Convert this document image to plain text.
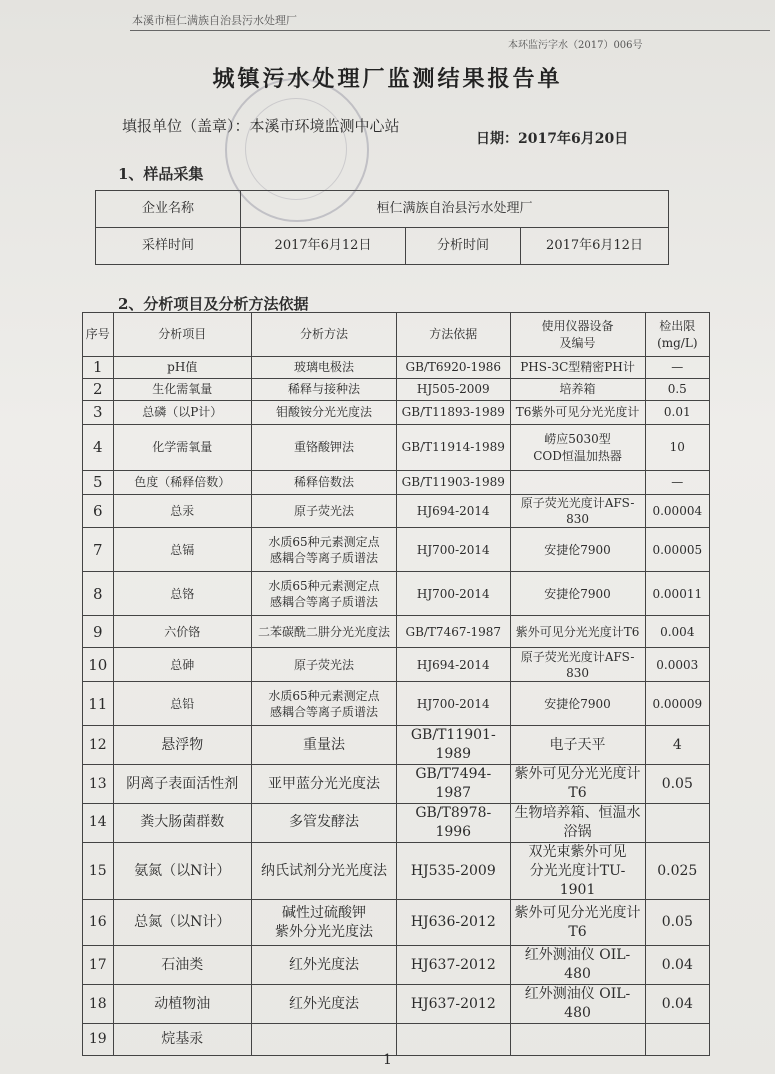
本溪市桓仁满族自治县污水处理厂
本环监污字水（2017）006号
城镇污水处理厂监测结果报告单
填报单位（盖章）：本溪市环境监测中心站
日期：2017年6月20日
1、样品采集
企业名称	桓仁满族自治县污水处理厂		
采样时间	2017年6月12日	分析时间	2017年6月12日
2、分析项目及分析方法依据
序号	分析项目	分析方法	方法依据	使用仪器设备
及编号	检出限
(mg/L)

1	pH值	玻璃电极法	GB/T6920-1986	PHS-3C型精密PH计	—
2	生化需氧量	稀释与接种法	HJ505-2009	培养箱	0.5
3	总磷（以P计）	钼酸铵分光光度法	GB/T11893-1989	T6紫外可见分光光度计	0.01
4	化学需氧量	重铬酸钾法	GB/T11914-1989	崂应5030型
COD恒温加热器	10
5	色度（稀释倍数）	稀释倍数法	GB/T11903-1989		—
6	总汞	原子荧光法	HJ694-2014	原子荧光光度计AFS-830	0.00004
7	总镉	水质65种元素测定点
感耦合等离子质谱法	HJ700-2014	安捷伦7900	0.00005
8	总铬	水质65种元素测定点
感耦合等离子质谱法	HJ700-2014	安捷伦7900	0.00011
9	六价铬	二苯碳酰二肼分光光度法	GB/T7467-1987	紫外可见分光光度计T6	0.004
10	总砷	原子荧光法	HJ694-2014	原子荧光光度计AFS-830	0.0003
11	总铅	水质65种元素测定点
感耦合等离子质谱法	HJ700-2014	安捷伦7900	0.00009
12	悬浮物	重量法	GB/T11901-1989	电子天平	4
13	阴离子表面活性剂	亚甲蓝分光光度法	GB/T7494-1987	紫外可见分光光度计T6	0.05
14	粪大肠菌群数	多管发酵法	GB/T8978-1996	生物培养箱、恒温水浴锅	
15	氨氮（以N计）	纳氏试剂分光光度法	HJ535-2009	双光束紫外可见
分光光度计TU-1901	0.025
16	总氮（以N计）	碱性过硫酸钾
紫外分光光度法	HJ636-2012	紫外可见分光光度计T6	0.05
17	石油类	红外光度法	HJ637-2012	红外测油仪 OIL-480	0.04
18	动植物油	红外光度法	HJ637-2012	红外测油仪 OIL-480	0.04
19	烷基汞				
1
